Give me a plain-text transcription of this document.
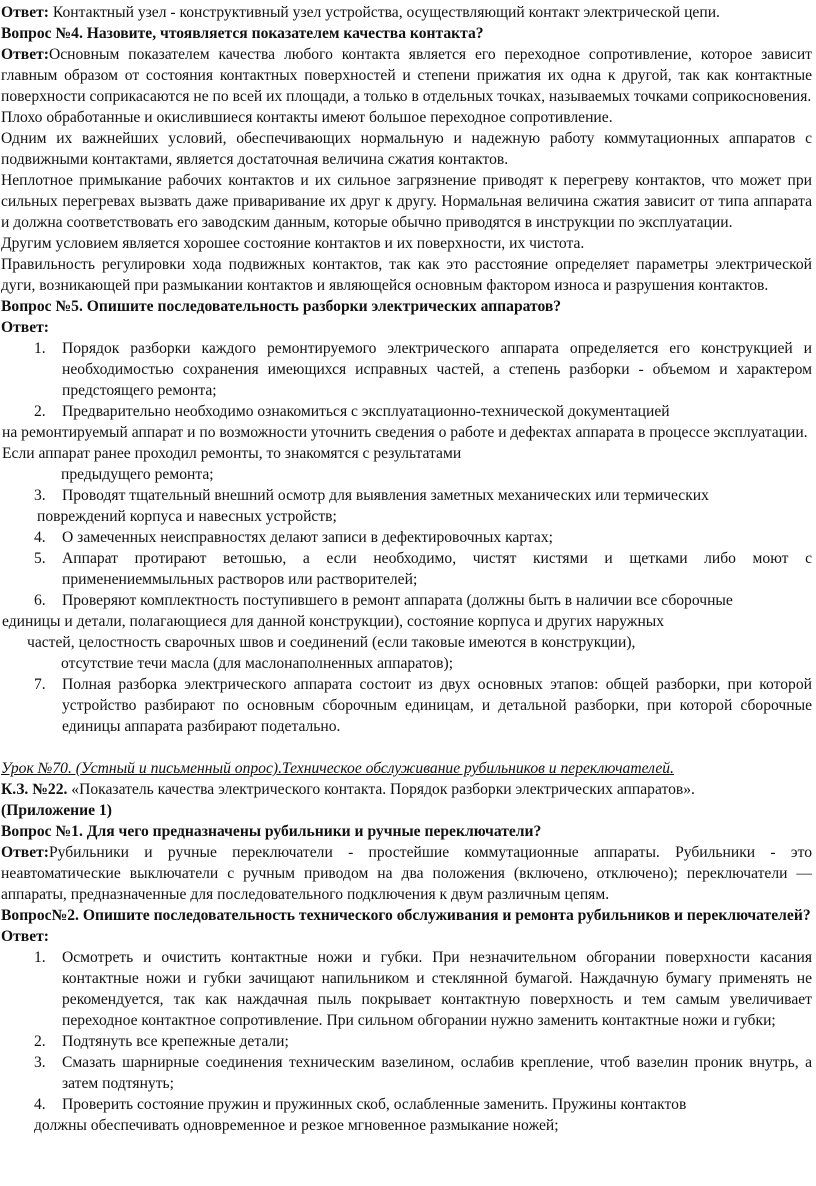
Ответ: Контактный узел - конструктивный узел устройства, осуществляющий контакт электрической цепи.

Вопрос №4. Назовите, чтоявляется показателем качества контакта?

Ответ:Основным показателем качества любого контакта является его переходное сопротивление, которое зависит главным образом от состояния контактных поверхностей и степени прижатия их одна к другой, так как контактные поверхности соприкасаются не по всей их площади, а только в отдельных точках, называемых точками соприкосновения.

Плохо обработанные и окислившиеся контакты имеют большое переходное сопротивление.

Одним их важнейших условий, обеспечивающих нормальную и надежную работу коммутационных аппаратов с подвижными контактами, является достаточная величина сжатия контактов.

Неплотное примыкание рабочих контактов и их сильное загрязнение приводят к перегреву контактов, что может при сильных перегревах вызвать даже приваривание их друг к другу. Нормальная величина сжатия зависит от типа аппарата и должна соответствовать его заводским данным, которые обычно приводятся в инструкции по эксплуатации.

Другим условием является хорошее состояние контактов и их поверхности, их чистота.

Правильность регулировки хода подвижных контактов, так как это расстояние определяет параметры электрической дуги, возникающей при размыкании контактов и являющейся основным фактором износа и разрушения контактов.

Вопрос №5. Опишите последовательность разборки электрических аппаратов?

Ответ:

1. Порядок разборки каждого ремонтируемого электрического аппарата определяется его конструкцией и необходимостью сохранения имеющихся исправных частей, а степень разборки - объемом и характером предстоящего ремонта;
2. Предварительно необходимо ознакомиться с эксплуатационно-технической документацией

на ремонтируемый аппарат и по возможности уточнить сведения о работе и дефектах аппарата в процессе эксплуатации. Если аппарат ранее проходил ремонты, то знакомятся с результатами

предыдущего ремонта;

3. Проводят тщательный внешний осмотр для выявления заметных механических или термических

повреждений корпуса и навесных устройств;

4. О замеченных неисправностях делают записи в дефектировочных картах;
5. Аппарат протирают ветошью, а если необходимо, чистят кистями и щетками либо моют с применениеммыльных растворов или растворителей;
6. Проверяют комплектность поступившего в ремонт аппарата (должны быть в наличии все сборочные

единицы и детали, полагающиеся для данной конструкции), состояние корпуса и других наружных

частей, целостность сварочных швов и соединений (если таковые имеются в конструкции),

отсутствие течи масла (для маслонаполненных аппаратов);

7. Полная разборка электрического аппарата состоит из двух основных этапов: общей разборки, при которой устройство разбирают по основным сборочным единицам, и детальной разборки, при которой сборочные единицы аппарата разбирают подетально.

Урок №70. (Устный и письменный опрос).Техническое обслуживание рубильников и переключателей.

К.З. №22. «Показатель качества электрического контакта. Порядок разборки электрических аппаратов».

(Приложение 1)

Вопрос №1. Для чего предназначены рубильники и ручные переключатели?

Ответ:Рубильники и ручные переключатели - простейшие коммутационные аппараты. Рубильники - это неавтоматические выключатели с ручным приводом на два положения (включено, отключено); переключатели — аппараты, предназначенные для последовательного подключения к двум различным цепям.

Вопрос№2. Опишите последовательность технического обслуживания и ремонта рубильников и переключателей?

Ответ:

1. Осмотреть и очистить контактные ножи и губки. При незначительном обгорании поверхности касания контактные ножи и губки зачищают напильником и стеклянной бумагой. Наждачную бумагу применять не рекомендуется, так как наждачная пыль покрывает контактную поверхность и тем самым увеличивает переходное контактное сопротивление. При сильном обгорании нужно заменить контактные ножи и губки;
2. Подтянуть все крепежные детали;
3. Смазать шарнирные соединения техническим вазелином, ослабив крепление, чтоб вазелин проник внутрь, а затем подтянуть;
4. Проверить состояние пружин и пружинных скоб, ослабленные заменить. Пружины контактов

должны обеспечивать одновременное и резкое мгновенное размыкание ножей;
